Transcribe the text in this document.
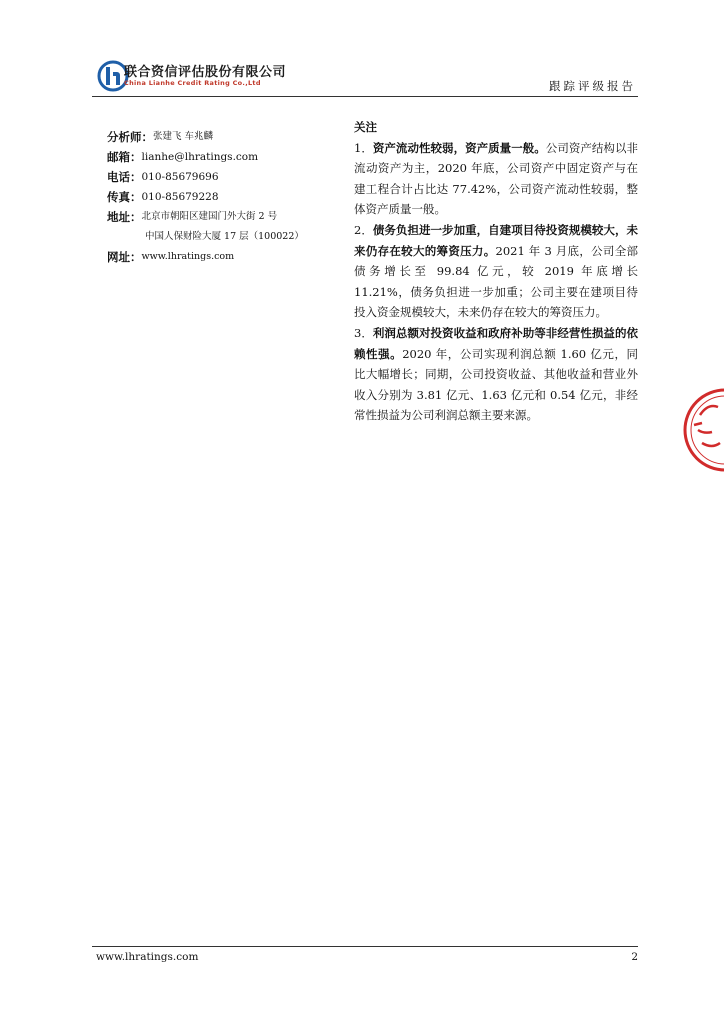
联合资信评估股份有限公司
China Lianhe Credit Rating Co.,Ltd	跟踪评级报告
分析师： 张建飞 车兆麟
邮箱： lianhe@lhratings.com
电话： 010-85679696
传真： 010-85679228
地址： 北京市朝阳区建国门外大街 2 号
中国人保财险大厦 17 层（100022）
网址： www.lhratings.com
关注

1．资产流动性较弱，资产质量一般。公司资产结构以非流动资产为主，2020 年底，公司资产中固定资产与在建工程合计占比达 77.42%，公司资产流动性较弱，整体资产质量一般。

2．债务负担进一步加重，自建项目待投资规模较大，未来仍存在较大的筹资压力。2021 年 3 月底，公司全部债务增长至 99.84 亿元，较 2019 年底增长 11.21%，债务负担进一步加重；公司主要在建项目待投入资金规模较大，未来仍存在较大的筹资压力。

3．利润总额对投资收益和政府补助等非经营性损益的依赖性强。2020 年，公司实现利润总额 1.60 亿元，同比大幅增长；同期，公司投资收益、其他收益和营业外收入分别为 3.81 亿元、1.63 亿元和 0.54 亿元，非经常性损益为公司利润总额主要来源。

www.lhratings.com	2
